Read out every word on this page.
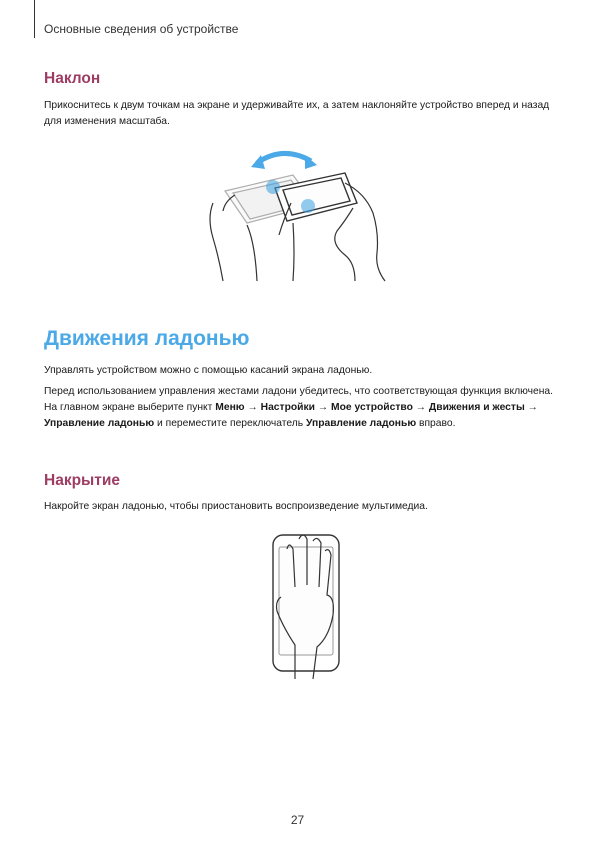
Основные сведения об устройстве
Наклон
Прикоснитесь к двум точкам на экране и удерживайте их, а затем наклоняйте устройство вперед и назад для изменения масштаба.
Движения ладонью
Управлять устройством можно с помощью касаний экрана ладонью.
Перед использованием управления жестами ладони убедитесь, что соответствующая функция включена. На главном экране выберите пункт Меню → Настройки → Мое устройство → Движения и жесты → Управление ладонью и переместите переключатель Управление ладонью вправо.
Накрытие
Накройте экран ладонью, чтобы приостановить воспроизведение мультимедиа.
27
